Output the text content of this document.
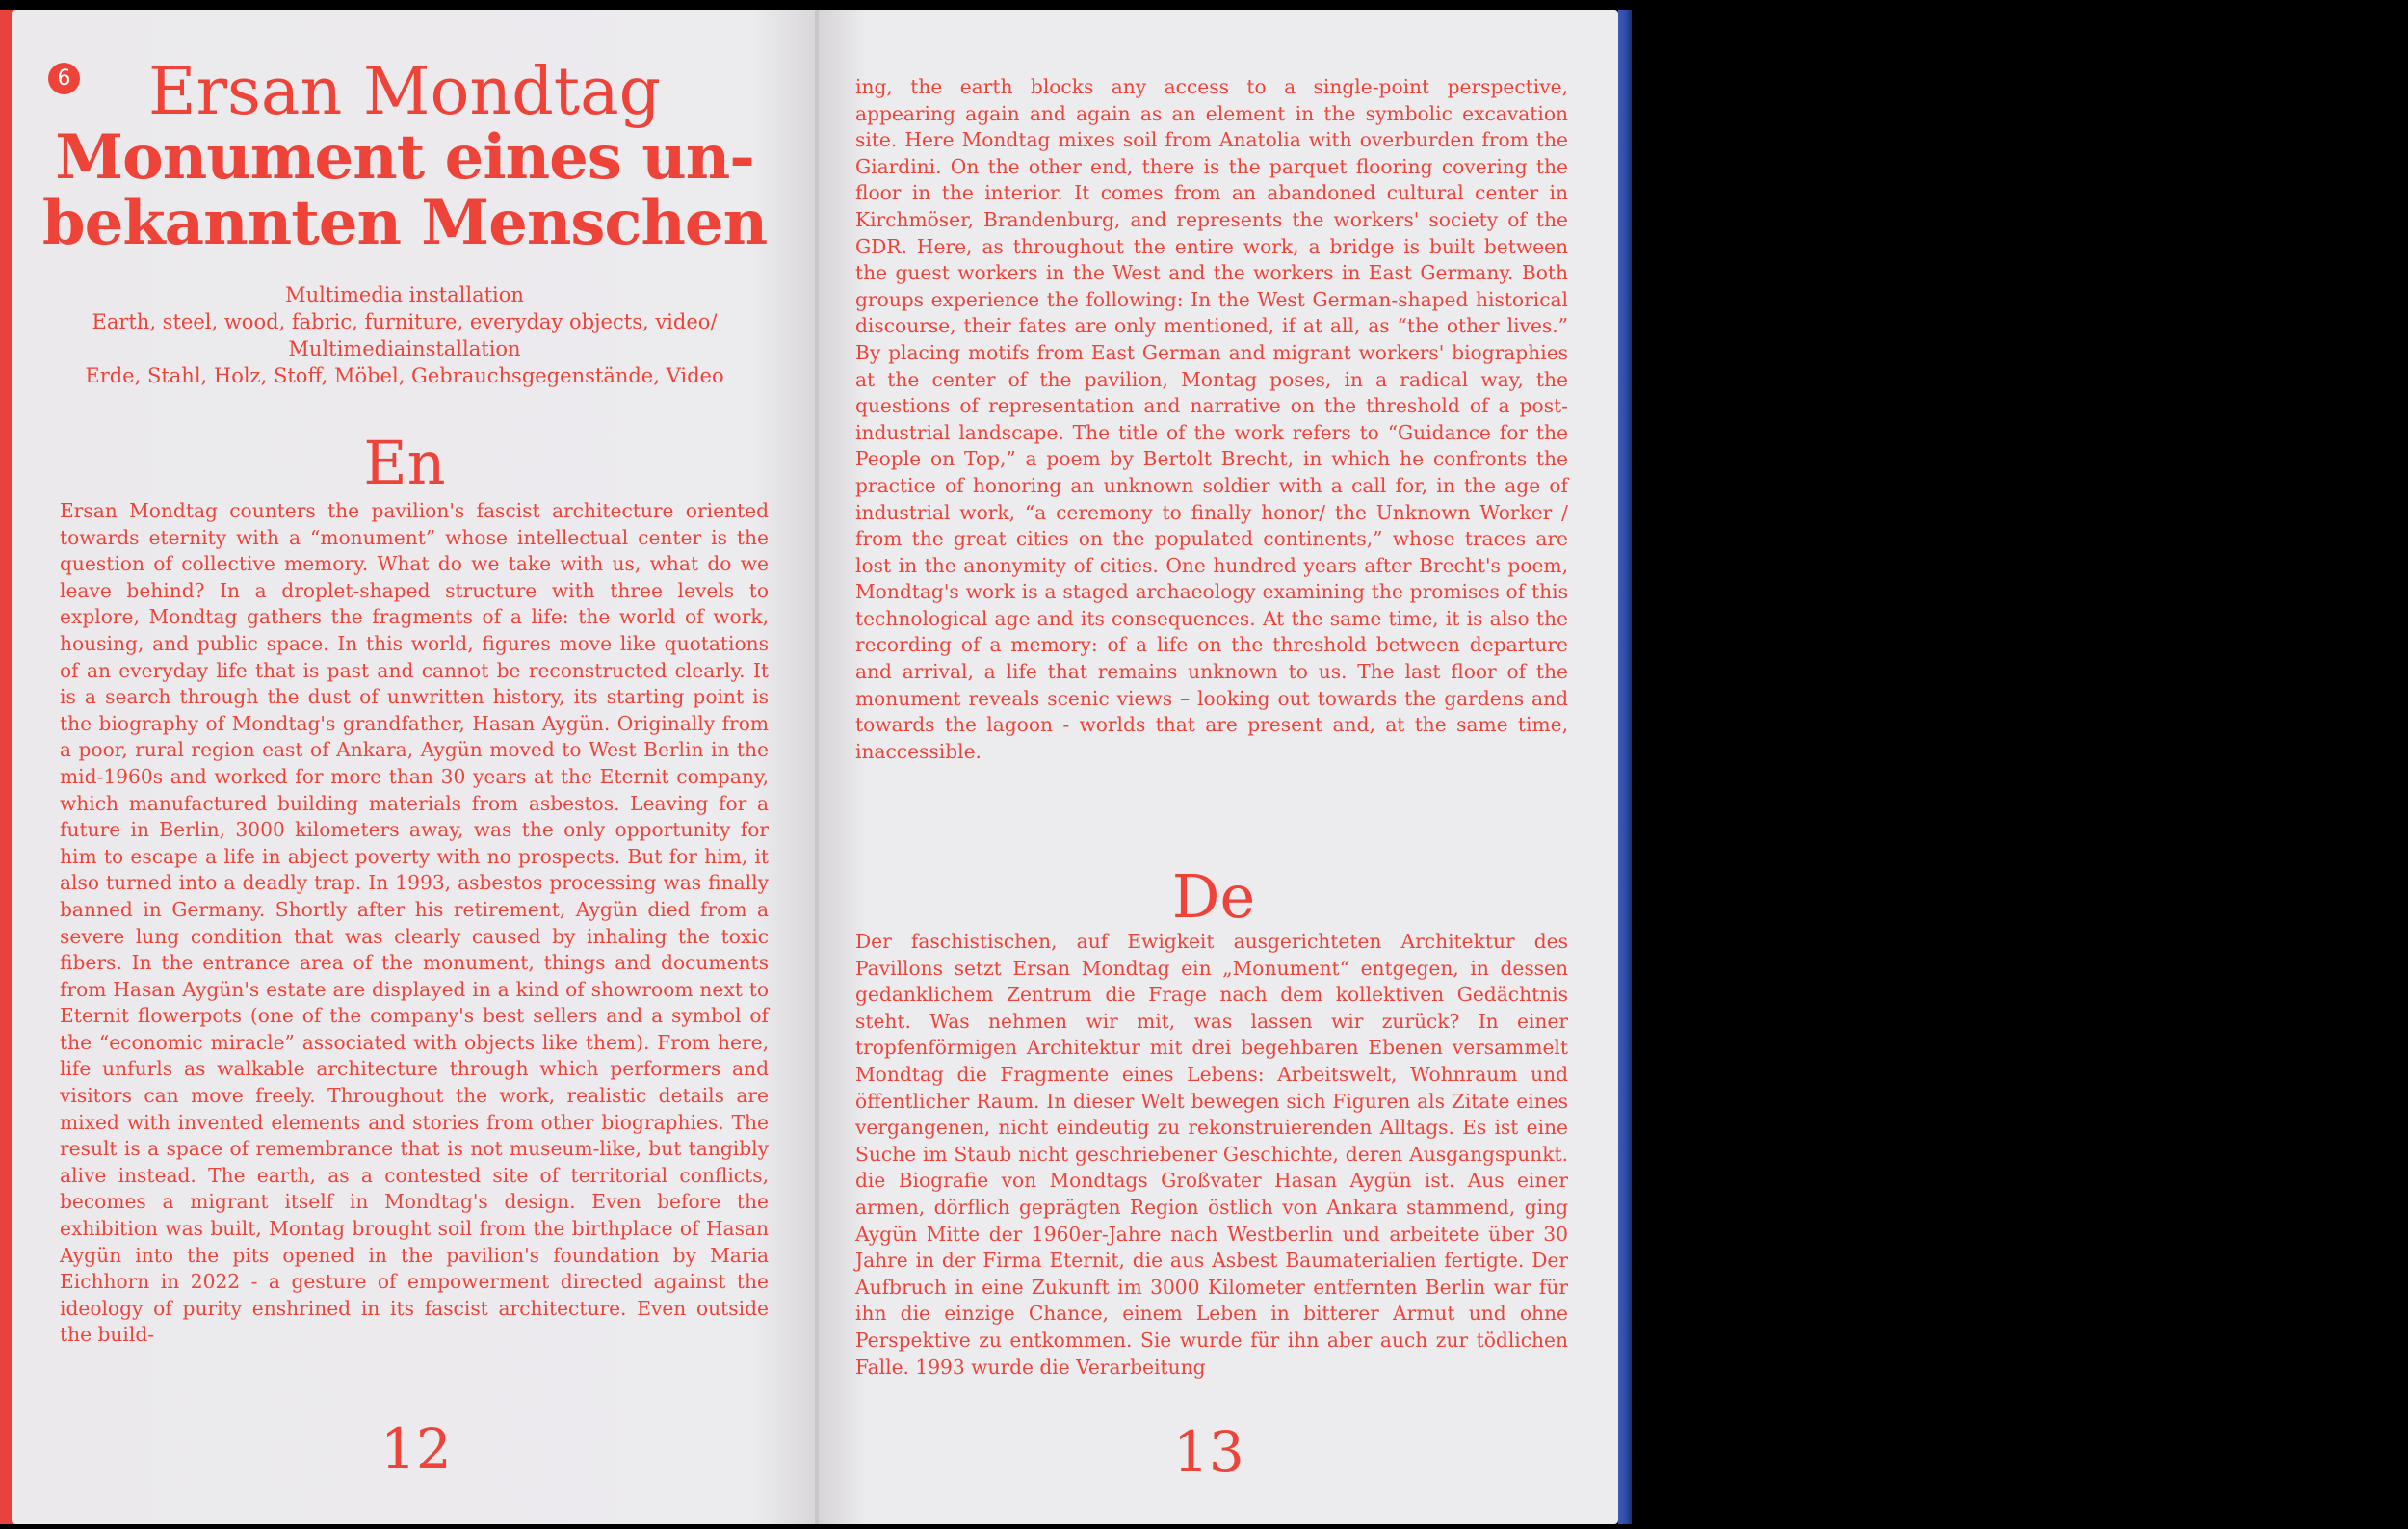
6	Ersan Mondtag
Monument eines un-
bekannten Menschen
Multimedia installation
Earth, steel, wood, fabric, furniture, everyday objects, video/
Multimediainstallation
Erde, Stahl, Holz, Stoff, Möbel, Gebrauchsgegenstände, Video
En

Ersan Mondtag counters the pavilion's fascist architecture oriented towards eternity with a “monument” whose intellectual center is the question of collective memory. What do we take with us, what do we leave behind? In a droplet-shaped structure with three levels to explore, Mondtag gathers the fragments of a life: the world of work, housing, and public space. In this world, figures move like quotations of an everyday life that is past and cannot be reconstructed clearly. It is a search through the dust of unwritten history, its starting point is the biography of Mondtag's grandfather, Hasan Aygün. Originally from a poor, rural region east of Ankara, Aygün moved to West Berlin in the mid-1960s and worked for more than 30 years at the Eternit company, which manufactured building materials from asbestos. Leaving for a future in Berlin, 3000 kilometers away, was the only opportunity for him to escape a life in abject poverty with no prospects. But for him, it also turned into a deadly trap. In 1993, asbestos processing was finally banned in Germany. Shortly after his retirement, Aygün died from a severe lung condition that was clearly caused by inhaling the toxic fibers. In the entrance area of the monument, things and documents from Hasan Aygün's estate are displayed in a kind of showroom next to Eternit flowerpots (one of the company's best sellers and a symbol of the “economic miracle” associated with objects like them). From here, life unfurls as walkable architecture through which performers and visitors can move freely. Throughout the work, realistic details are mixed with invented elements and stories from other biographies. The result is a space of remembrance that is not museum-like, but tangibly alive instead. The earth, as a contested site of territorial conflicts, becomes a migrant itself in Mondtag's design. Even before the exhibition was built, Montag brought soil from the birthplace of Hasan Aygün into the pits opened in the pavilion's foundation by Maria Eichhorn in 2022 - a gesture of empowerment directed against the ideology of purity enshrined in its fascist architecture. Even outside the build-

ing, the earth blocks any access to a single-point perspective, appearing again and again as an element in the symbolic excavation site. Here Mondtag mixes soil from Anatolia with overburden from the Giardini. On the other end, there is the parquet flooring covering the floor in the interior. It comes from an abandoned cultural center in Kirchmöser, Brandenburg, and represents the workers' society of the GDR. Here, as throughout the entire work, a bridge is built between the guest workers in the West and the workers in East Germany. Both groups experience the following: In the West German-shaped historical discourse, their fates are only mentioned, if at all, as “the other lives.” By placing motifs from East German and migrant workers' biographies at the center of the pavilion, Montag poses, in a radical way, the questions of representation and narrative on the threshold of a post-industrial landscape. The title of the work refers to “Guidance for the People on Top,” a poem by Bertolt Brecht, in which he confronts the practice of honoring an unknown soldier with a call for, in the age of industrial work, “a ceremony to finally honor/ the Unknown Worker / from the great cities on the populated continents,” whose traces are lost in the anonymity of cities. One hundred years after Brecht's poem, Mondtag's work is a staged archaeology examining the promises of this technological age and its consequences. At the same time, it is also the recording of a memory: of a life on the threshold between departure and arrival, a life that remains unknown to us. The last floor of the monument reveals scenic views – looking out towards the gardens and towards the lagoon - worlds that are present and, at the same time, inaccessible.

De

Der faschistischen, auf Ewigkeit ausgerichteten Architektur des Pavillons setzt Ersan Mondtag ein „Monument“ entgegen, in dessen gedanklichem Zentrum die Frage nach dem kollektiven Gedächtnis steht. Was nehmen wir mit, was lassen wir zurück? In einer tropfenförmigen Architektur mit drei begehbaren Ebenen versammelt Mondtag die Fragmente eines Lebens: Arbeitswelt, Wohnraum und öffentlicher Raum. In dieser Welt bewegen sich Figuren als Zitate eines vergangenen, nicht eindeutig zu rekonstruierenden Alltags. Es ist eine Suche im Staub nicht geschriebener Geschichte, deren Ausgangspunkt. die Biografie von Mondtags Großvater Hasan Aygün ist. Aus einer armen, dörflich geprägten Region östlich von Ankara stammend, ging Aygün Mitte der 1960er-Jahre nach Westberlin und arbeitete über 30 Jahre in der Firma Eternit, die aus Asbest Baumaterialien fertigte. Der Aufbruch in eine Zukunft im 3000 Kilometer entfernten Berlin war für ihn die einzige Chance, einem Leben in bitterer Armut und ohne Perspektive zu entkommen. Sie wurde für ihn aber auch zur tödlichen Falle. 1993 wurde die Verarbeitung

12	13
